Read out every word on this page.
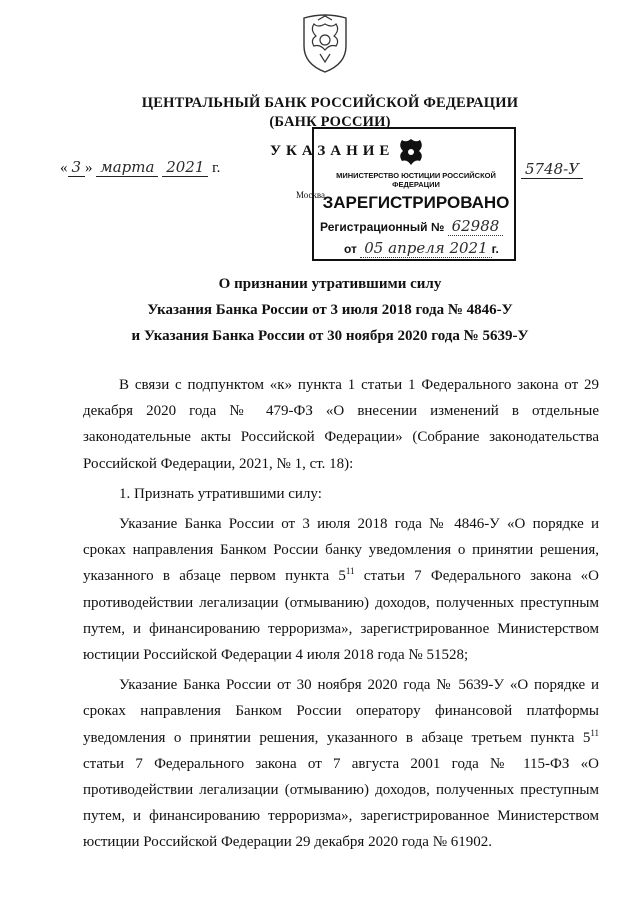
ЦЕНТРАЛЬНЫЙ БАНК РОССИЙСКОЙ ФЕДЕРАЦИИ
(БАНК РОССИИ)
УКАЗАНИЕ
« 3 » марта 2021 г.	5748-У
Москва
МИНИСТЕРСТВО ЮСТИЦИИ РОССИЙСКОЙ ФЕДЕРАЦИИ
ЗАРЕГИСТРИРОВАНО
Регистрационный № 62988
от 05 апреля 2021 г.
О признании утратившими силу
Указания Банка России от 3 июля 2018 года № 4846-У
и Указания Банка России от 30 ноября 2020 года № 5639-У

В связи с подпунктом «к» пункта 1 статьи 1 Федерального закона от 29 декабря 2020 года № 479-ФЗ «О внесении изменений в отдельные законодательные акты Российской Федерации» (Собрание законодательства Российской Федерации, 2021, № 1, ст. 18):

1. Признать утратившими силу:

Указание Банка России от 3 июля 2018 года № 4846-У «О порядке и сроках направления Банком России банку уведомления о принятии решения, указанного в абзаце первом пункта $5^{11}$ статьи 7 Федерального закона «О противодействии легализации (отмыванию) доходов, полученных преступным путем, и финансированию терроризма», зарегистрированное Министерством юстиции Российской Федерации 4 июля 2018 года № 51528;

Указание Банка России от 30 ноября 2020 года № 5639-У «О порядке и сроках направления Банком России оператору финансовой платформы уведомления о принятии решения, указанного в абзаце третьем пункта $5^{11}$ статьи 7 Федерального закона от 7 августа 2001 года № 115-ФЗ «О противодействии легализации (отмыванию) доходов, полученных преступным путем, и финансированию терроризма», зарегистрированное Министерством юстиции Российской Федерации 29 декабря 2020 года № 61902.
